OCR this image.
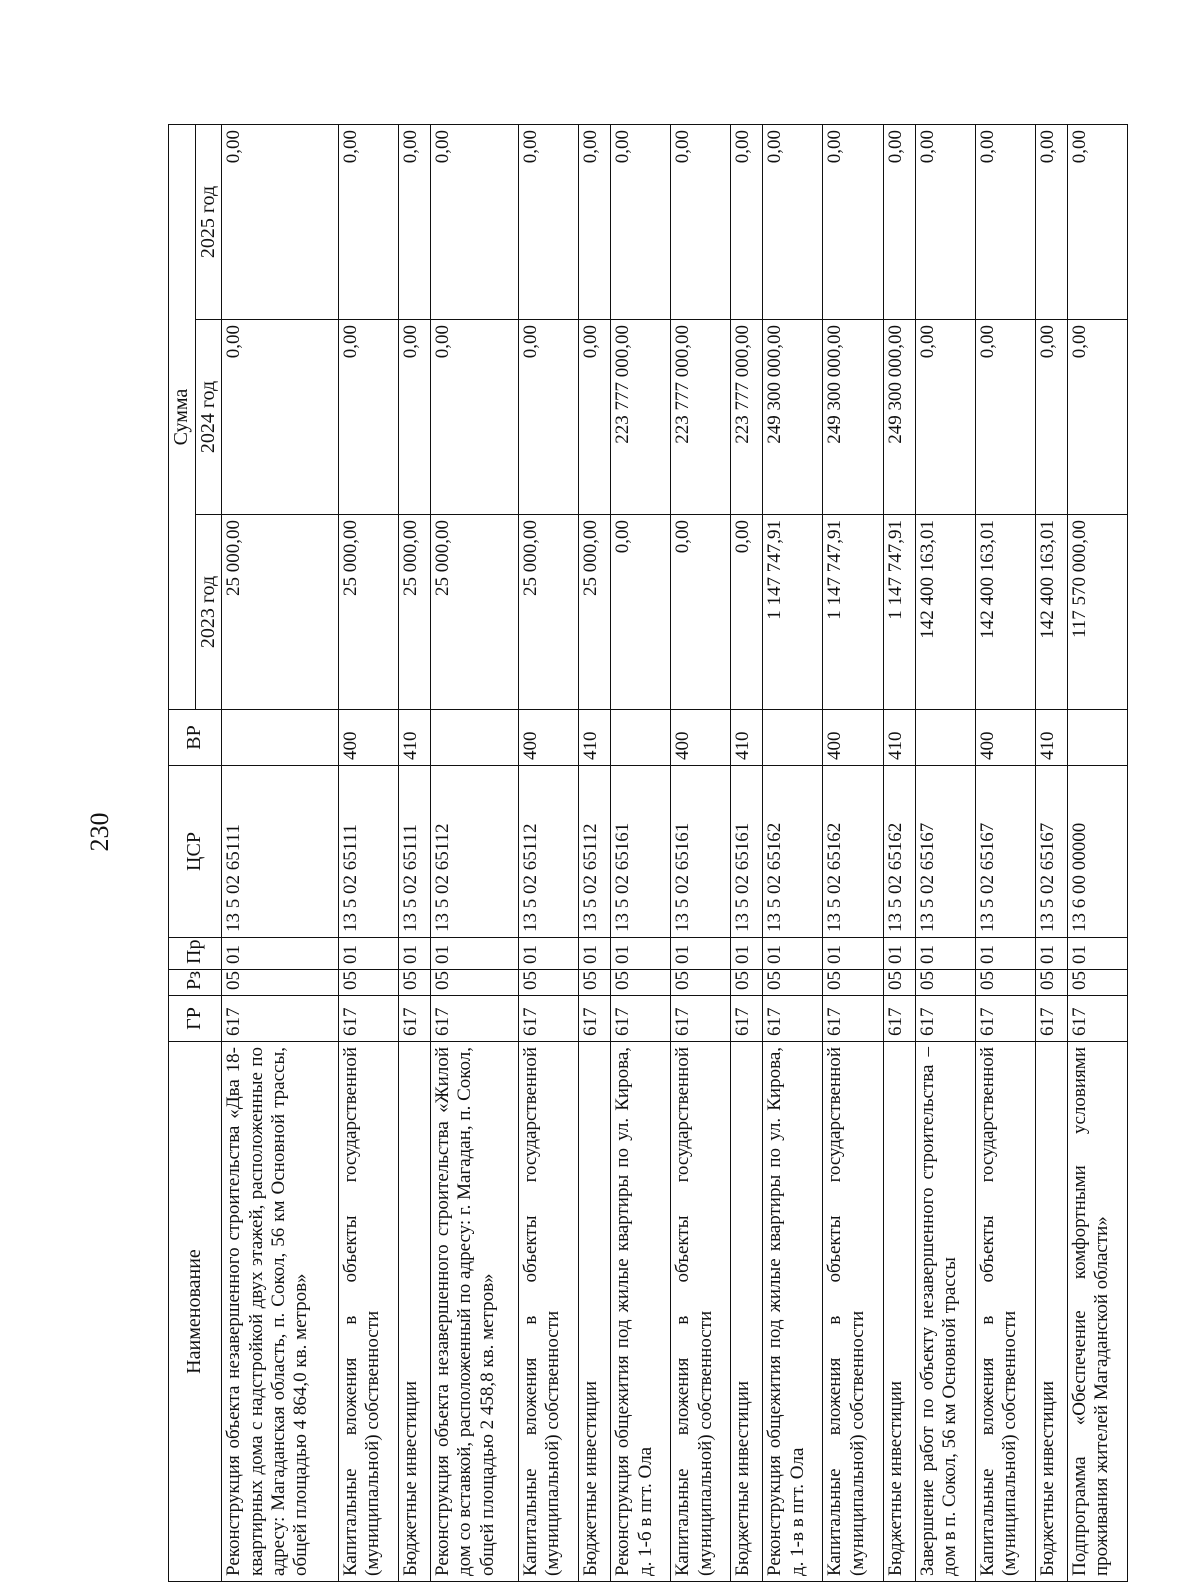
230
Наименование	ГР	Рз	Пр	ЦСР	ВР	Сумма		
						2023 год	2024 год	2025 год
Реконструкция объекта незавершенного строительства «Два 18-квартирных дома с надстройкой двух этажей, расположенные по адресу: Магаданская область, п. Сокол, 56 км Основной трассы, общей площадью 4 864,0 кв. метров»	617	05	01	13 5 02 65111		25 000,00	0,00	0,00
Капитальные вложения в объекты государственной (муниципальной) собственности	617	05	01	13 5 02 65111	400	25 000,00	0,00	0,00
Бюджетные инвестиции	617	05	01	13 5 02 65111	410	25 000,00	0,00	0,00
Реконструкция объекта незавершенного строительства «Жилой дом со вставкой, расположенный по адресу: г. Магадан, п. Сокол, общей площадью 2 458,8 кв. метров»	617	05	01	13 5 02 65112		25 000,00	0,00	0,00
Капитальные вложения в объекты государственной (муниципальной) собственности	617	05	01	13 5 02 65112	400	25 000,00	0,00	0,00
Бюджетные инвестиции	617	05	01	13 5 02 65112	410	25 000,00	0,00	0,00
Реконструкция общежития под жилые квартиры по ул. Кирова, д. 1-б в пгт. Ола	617	05	01	13 5 02 65161		0,00	223 777 000,00	0,00
Капитальные вложения в объекты государственной (муниципальной) собственности	617	05	01	13 5 02 65161	400	0,00	223 777 000,00	0,00
Бюджетные инвестиции	617	05	01	13 5 02 65161	410	0,00	223 777 000,00	0,00
Реконструкция общежития под жилые квартиры по ул. Кирова, д. 1-в в пгт. Ола	617	05	01	13 5 02 65162		1 147 747,91	249 300 000,00	0,00
Капитальные вложения в объекты государственной (муниципальной) собственности	617	05	01	13 5 02 65162	400	1 147 747,91	249 300 000,00	0,00
Бюджетные инвестиции	617	05	01	13 5 02 65162	410	1 147 747,91	249 300 000,00	0,00
Завершение работ по объекту незавершенного строительства – дом в п. Сокол, 56 км Основной трассы	617	05	01	13 5 02 65167		142 400 163,01	0,00	0,00
Капитальные вложения в объекты государственной (муниципальной) собственности	617	05	01	13 5 02 65167	400	142 400 163,01	0,00	0,00
Бюджетные инвестиции	617	05	01	13 5 02 65167	410	142 400 163,01	0,00	0,00
Подпрограмма «Обеспечение комфортными условиями проживания жителей Магаданской области»	617	05	01	13 6 00 00000		117 570 000,00	0,00	0,00
